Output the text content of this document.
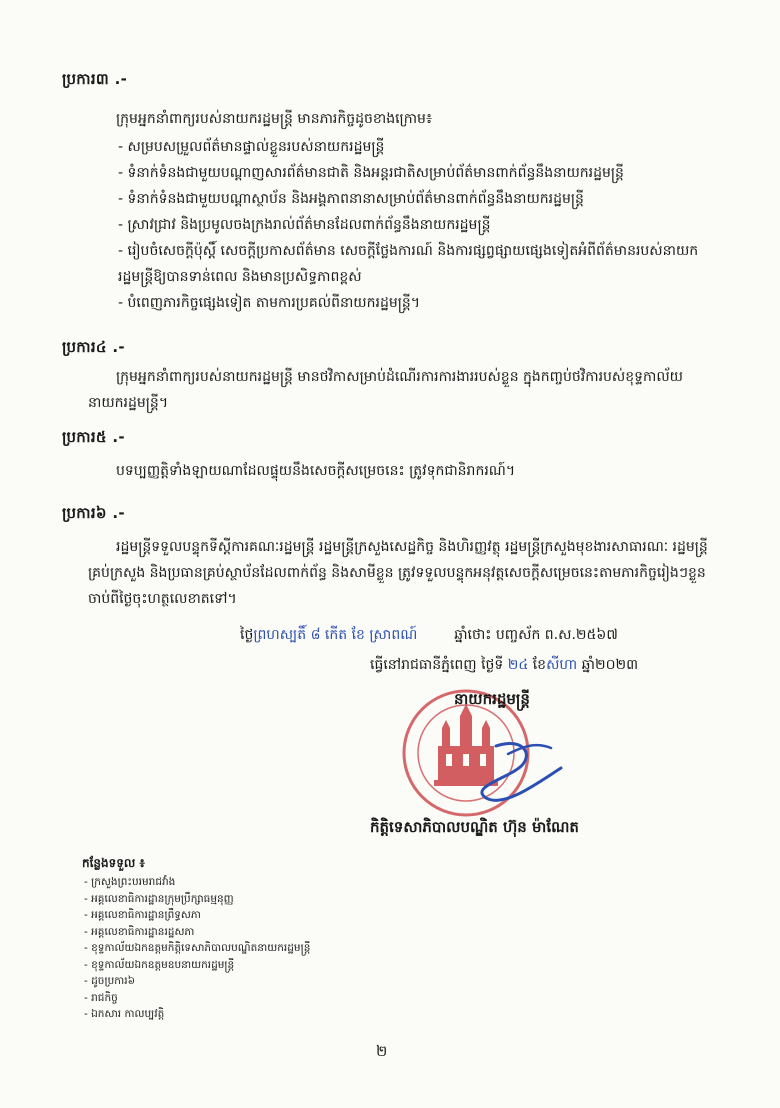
ប្រការ៣ .-
ក្រុមអ្នកនាំពាក្យរបស់នាយករដ្ឋមន្ត្រី មានភារកិច្ចដូចខាងក្រោម៖
- សម្របសម្រួលព័ត៌មានផ្ទាល់ខ្លួនរបស់នាយករដ្ឋមន្ត្រី
- ទំនាក់ទំនងជាមួយបណ្ដាញសារព័ត៌មានជាតិ និងអន្តរជាតិសម្រាប់ព័ត៌មានពាក់ព័ន្ធនឹងនាយករដ្ឋមន្ត្រី
- ទំនាក់ទំនងជាមួយបណ្ដាស្ថាប័ន និងអង្គភាពនានាសម្រាប់ព័ត៌មានពាក់ព័ន្ធនឹងនាយករដ្ឋមន្ត្រី
- ស្រាវជ្រាវ និងប្រមូលចងក្រងរាល់ព័ត៌មានដែលពាក់ព័ន្ធនឹងនាយករដ្ឋមន្ត្រី
- រៀបចំសេចក្ដីប៉ុស្ដិ៍ សេចក្ដីប្រកាសព័ត៌មាន សេចក្ដីថ្លែងការណ៍ និងការផ្សព្វផ្សាយផ្សេងទៀតអំពីព័ត៌មានរបស់នាយករដ្ឋមន្ត្រីឱ្យបានទាន់ពេល និងមានប្រសិទ្ធភាពខ្ពស់
- បំពេញភារកិច្ចផ្សេងទៀត តាមការប្រគល់ពីនាយករដ្ឋមន្ត្រី។
ប្រការ៤ .-
ក្រុមអ្នកនាំពាក្យរបស់នាយករដ្ឋមន្ត្រី មានថវិកាសម្រាប់ដំណើរការការងាររបស់ខ្លួន ក្នុងកញ្ចប់ថវិការបស់ខុទ្ទកាល័យនាយករដ្ឋមន្ត្រី។
ប្រការ៥ .-
បទប្បញ្ញត្តិទាំងឡាយណាដែលផ្ទុយនឹងសេចក្ដីសម្រេចនេះ ត្រូវទុកជានិរាករណ៍។
ប្រការ៦ .-
រដ្ឋមន្ត្រីទទួលបន្ទុកទីស្ដីការគណៈរដ្ឋមន្ត្រី រដ្ឋមន្ត្រីក្រសួងសេដ្ឋកិច្ច និងហិរញ្ញវត្ថុ រដ្ឋមន្ត្រីក្រសួងមុខងារសាធារណៈ រដ្ឋមន្ត្រីគ្រប់ក្រសួង និងប្រធានគ្រប់ស្ថាប័នដែលពាក់ព័ន្ធ និងសាមីខ្លួន ត្រូវទទួលបន្ទុកអនុវត្តសេចក្ដីសម្រេចនេះតាមភារកិច្ចរៀងៗខ្លួន ចាប់ពីថ្ងៃចុះហត្ថលេខាតទៅ។
ថ្ងៃព្រហស្បតិ៍ ៨ កើត ខែ ស្រាពណ៍	ឆ្នាំថោះ បញ្ចស័ក ព.ស.២៥៦៧
ធ្វើនៅរាជធានីភ្នំពេញ ថ្ងៃទី ២៤ ខែសីហា ឆ្នាំ២០២៣
នាយករដ្ឋមន្ត្រី
កិត្តិទេសាភិបាលបណ្ឌិត ហ៊ុន ម៉ាណែត
កន្លែងទទួល ៖
- ក្រសួងព្រះបរមរាជវាំង
- អគ្គលេខាធិការដ្ឋានក្រុមប្រឹក្សាធម្មនុញ្ញ
- អគ្គលេខាធិការដ្ឋានព្រឹទ្ធសភា
- អគ្គលេខាធិការដ្ឋានរដ្ឋសភា
- ខុទ្ទកាល័យឯកឧត្តមកិត្តិទេសាភិបាលបណ្ឌិតនាយករដ្ឋមន្ត្រី
- ខុទ្ទកាល័យឯកឧត្តមឧបនាយករដ្ឋមន្ត្រី
- ដូចប្រការ៦
- រាជកិច្ច
- ឯកសារ កាលប្បវត្តិ
២
